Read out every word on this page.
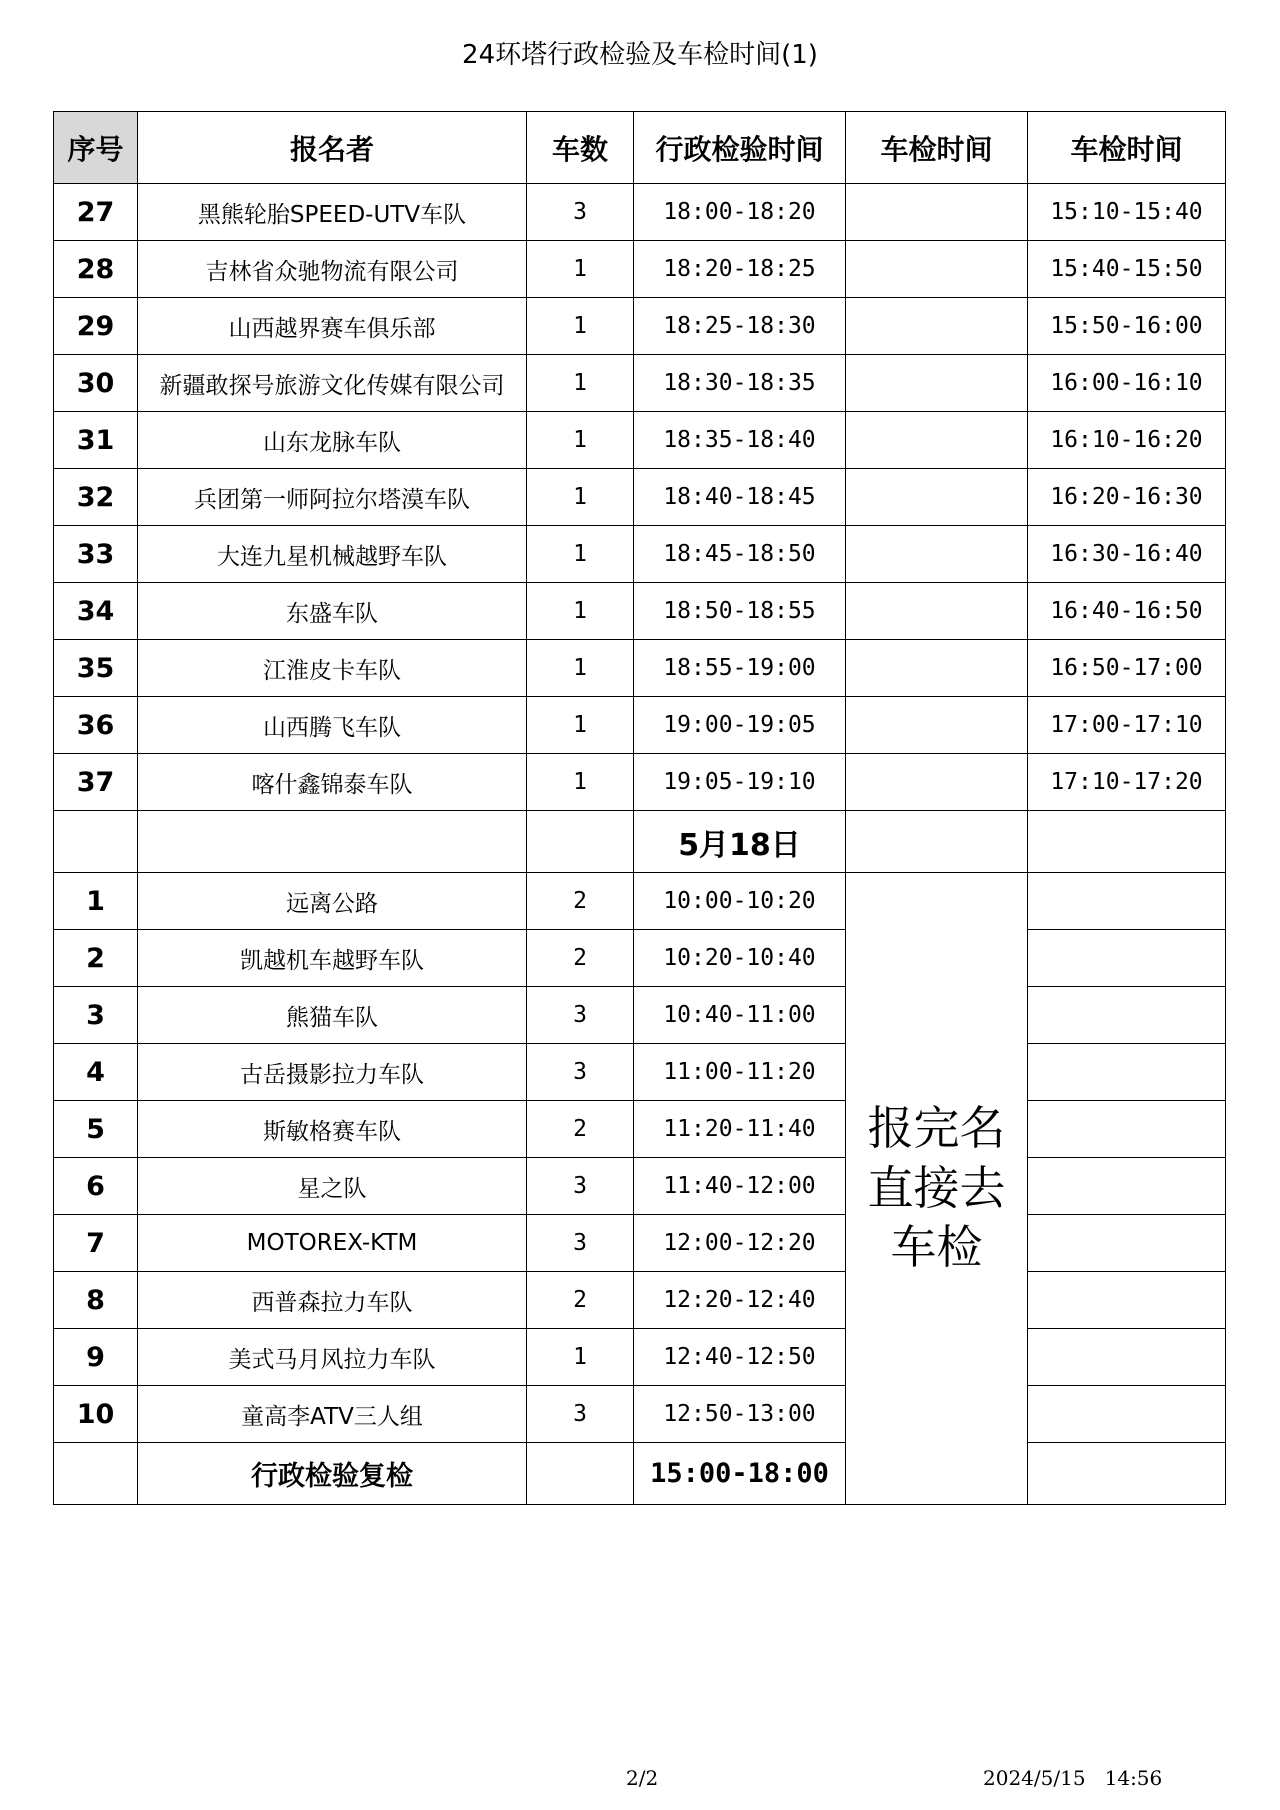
24环塔行政检验及车检时间(1)
序号	报名者	车数	行政检验时间	车检时间	车检时间
27	黑熊轮胎SPEED-UTV车队	3	18:00-18:20		15:10-15:40
28	吉林省众驰物流有限公司	1	18:20-18:25		15:40-15:50
29	山西越界赛车俱乐部	1	18:25-18:30		15:50-16:00
30	新疆敢探号旅游文化传媒有限公司	1	18:30-18:35		16:00-16:10
31	山东龙脉车队	1	18:35-18:40		16:10-16:20
32	兵团第一师阿拉尔塔漠车队	1	18:40-18:45		16:20-16:30
33	大连九星机械越野车队	1	18:45-18:50		16:30-16:40
34	东盛车队	1	18:50-18:55		16:40-16:50
35	江淮皮卡车队	1	18:55-19:00		16:50-17:00
36	山西腾飞车队	1	19:00-19:05		17:00-17:10
37	喀什鑫锦泰车队	1	19:05-19:10		17:10-17:20
			5月18日		
1	远离公路	2	10:00-10:20	报完名
直接去
车检	

2	凯越机车越野车队	2	10:20-10:40		
3	熊猫车队	3	10:40-11:00		
4	古岳摄影拉力车队	3	11:00-11:20		
5	斯敏格赛车队	2	11:20-11:40		
6	星之队	3	11:40-12:00		
7	MOTOREX-KTM	3	12:00-12:20		
8	西普森拉力车队	2	12:20-12:40		
9	美式马月风拉力车队	1	12:40-12:50		
10	童高李ATV三人组	3	12:50-13:00		
	行政检验复检		15:00-18:00		
2/2	2024/5/15   14:56
